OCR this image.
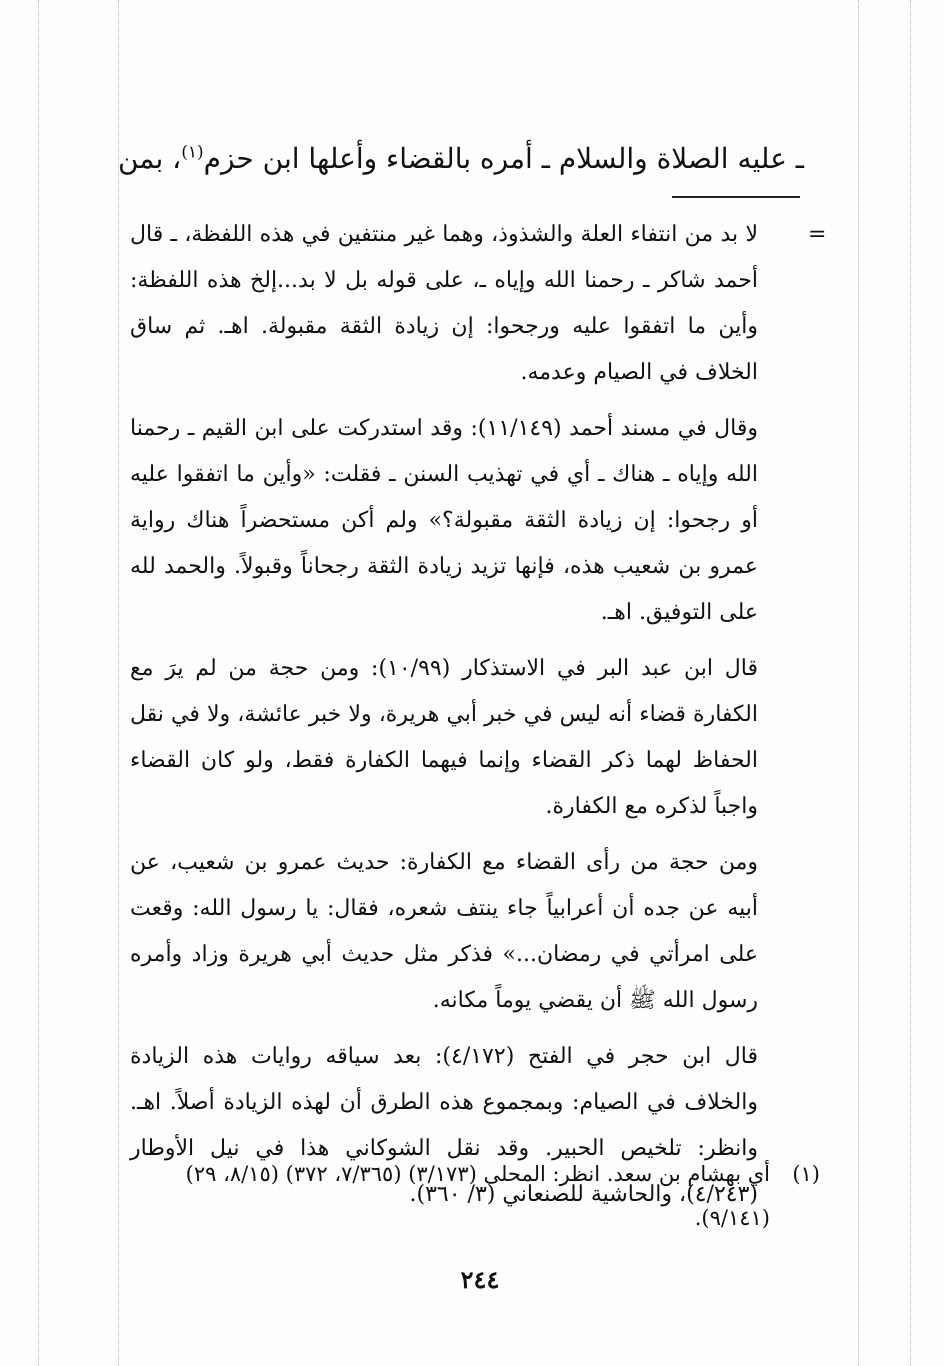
ـ عليه الصلاة والسلام ـ أمره بالقضاء وأعلها ابن حزم$^{(١)}$، بمن
=

لا بد من انتفاء العلة والشذوذ، وهما غير منتفين في هذه اللفظة، ـ قال أحمد شاكر ـ رحمنا الله وإياه ـ، على قوله بل لا بد...إلخ هذه اللفظة: وأين ما اتفقوا عليه ورجحوا: إن زيادة الثقة مقبولة. اهـ. ثم ساق الخلاف في الصيام وعدمه.

وقال في مسند أحمد (١١/١٤٩): وقد استدركت على ابن القيم ـ رحمنا الله وإياه ـ هناك ـ أي في تهذيب السنن ـ فقلت: «وأين ما اتفقوا عليه أو رجحوا: إن زيادة الثقة مقبولة؟» ولم أكن مستحضراً هناك رواية عمرو بن شعيب هذه، فإنها تزيد زيادة الثقة رجحاناً وقبولاً. والحمد لله على التوفيق. اهـ.

قال ابن عبد البر في الاستذكار (١٠/٩٩): ومن حجة من لم يرَ مع الكفارة قضاء أنه ليس في خبر أبي هريرة، ولا خبر عائشة، ولا في نقل الحفاظ لهما ذكر القضاء وإنما فيهما الكفارة فقط، ولو كان القضاء واجباً لذكره مع الكفارة.

ومن حجة من رأى القضاء مع الكفارة: حديث عمرو بن شعيب، عن أبيه عن جده أن أعرابياً جاء ينتف شعره، فقال: يا رسول الله: وقعت على امرأتي في رمضان...» فذكر مثل حديث أبي هريرة وزاد وأمره رسول الله ﷺ أن يقضي يوماً مكانه.

قال ابن حجر في الفتح (٤/١٧٢): بعد سياقه روايات هذه الزيادة والخلاف في الصيام: وبمجموع هذه الطرق أن لهذه الزيادة أصلاً. اهـ. وانظر: تلخيص الحبير. وقد نقل الشوكاني هذا في نيل الأوطار (٤/٢٤٣)، والحاشية للصنعاني (٣/ ٣٦٠).

(١)
أي بهشام بن سعد. انظر: المحلى (٣/١٧٣) (٧/٣٦٥، ٣٧٢) (٨/١٥، ٢٩) (٩/١٤١).
٢٤٤
